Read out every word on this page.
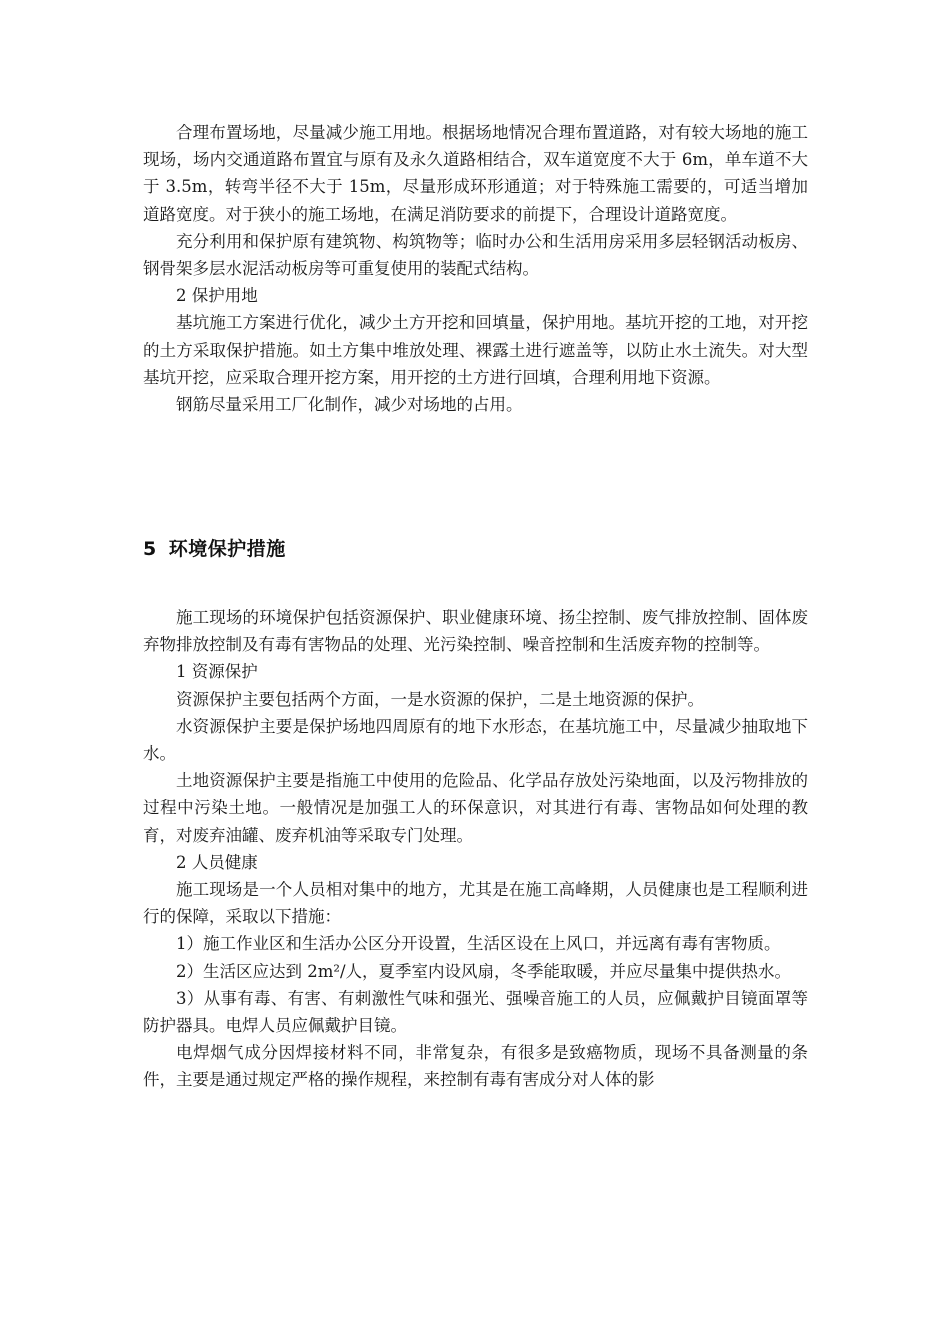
合理布置场地，尽量减少施工用地。根据场地情况合理布置道路，对有较大场地的施工现场，场内交通道路布置宜与原有及永久道路相结合，双车道宽度不大于 6m，单车道不大于 3.5m，转弯半径不大于 15m，尽量形成环形通道；对于特殊施工需要的，可适当增加道路宽度。对于狭小的施工场地，在满足消防要求的前提下，合理设计道路宽度。

充分利用和保护原有建筑物、构筑物等；临时办公和生活用房采用多层轻钢活动板房、钢骨架多层水泥活动板房等可重复使用的装配式结构。

2 保护用地

基坑施工方案进行优化，减少土方开挖和回填量，保护用地。基坑开挖的工地，对开挖的土方采取保护措施。如土方集中堆放处理、裸露土进行遮盖等，以防止水土流失。对大型基坑开挖，应采取合理开挖方案，用开挖的土方进行回填，合理利用地下资源。

钢筋尽量采用工厂化制作，减少对场地的占用。

5 环境保护措施

施工现场的环境保护包括资源保护、职业健康环境、扬尘控制、废气排放控制、固体废弃物排放控制及有毒有害物品的处理、光污染控制、噪音控制和生活废弃物的控制等。

1 资源保护

资源保护主要包括两个方面，一是水资源的保护，二是土地资源的保护。

水资源保护主要是保护场地四周原有的地下水形态，在基坑施工中，尽量减少抽取地下水。

土地资源保护主要是指施工中使用的危险品、化学品存放处污染地面，以及污物排放的过程中污染土地。一般情况是加强工人的环保意识，对其进行有毒、害物品如何处理的教育，对废弃油罐、废弃机油等采取专门处理。

2 人员健康

施工现场是一个人员相对集中的地方，尤其是在施工高峰期，人员健康也是工程顺利进行的保障，采取以下措施：

1）施工作业区和生活办公区分开设置，生活区设在上风口，并远离有毒有害物质。

2）生活区应达到 2m²/人，夏季室内设风扇，冬季能取暖，并应尽量集中提供热水。

3）从事有毒、有害、有刺激性气味和强光、强噪音施工的人员，应佩戴护目镜面罩等防护器具。电焊人员应佩戴护目镜。

电焊烟气成分因焊接材料不同，非常复杂，有很多是致癌物质，现场不具备测量的条件，主要是通过规定严格的操作规程，来控制有毒有害成分对人体的影
